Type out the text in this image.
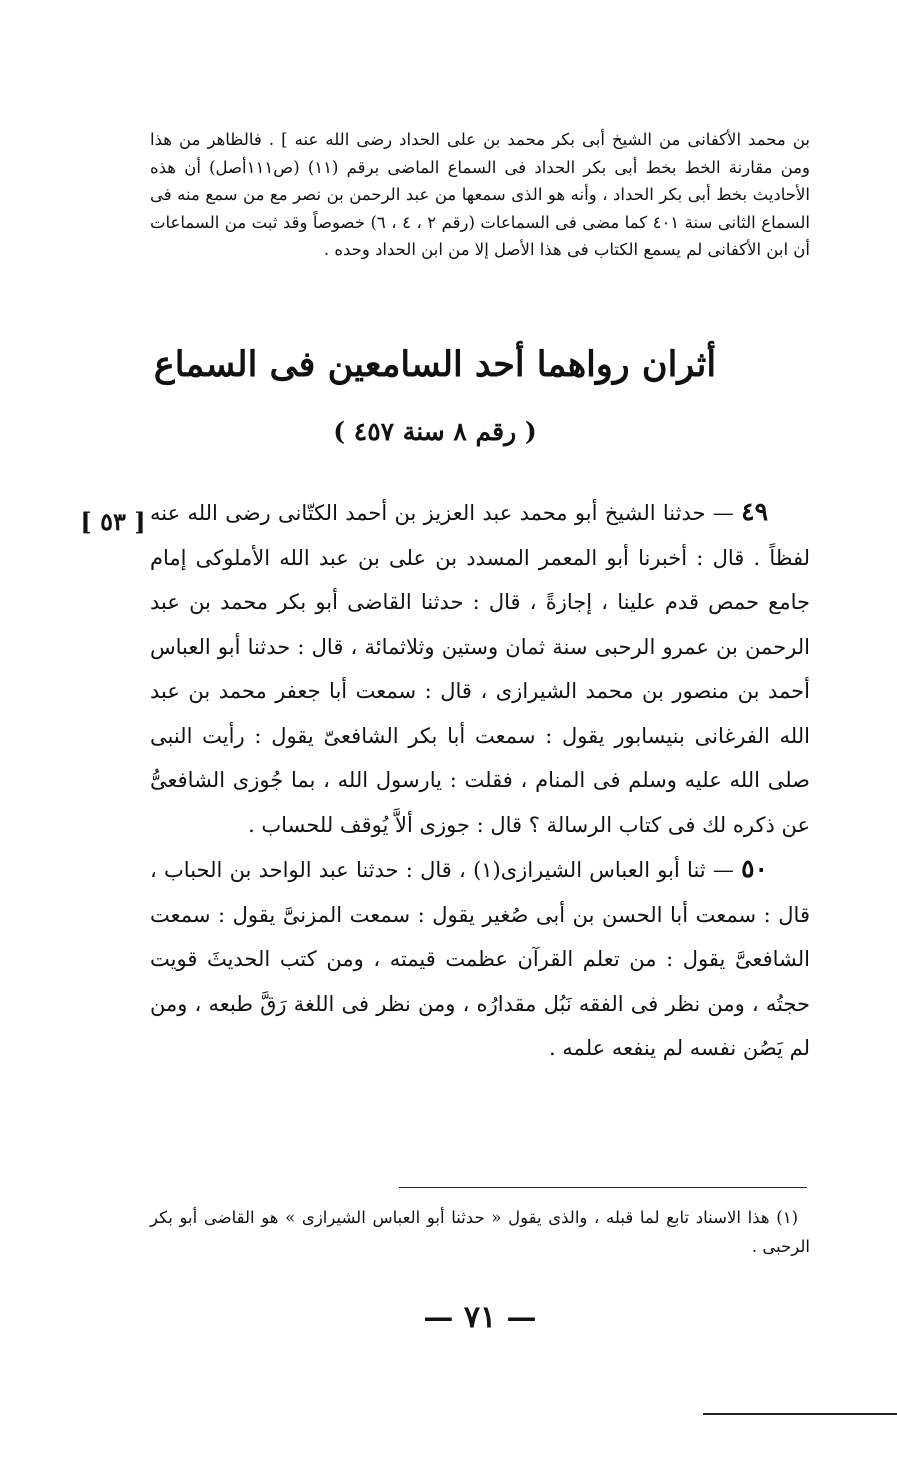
بن محمد الأكفانى من الشيخ أبى بكر محمد بن على الحداد رضى الله عنه ] . فالظاهر من هذا ومن مقارنة الخط بخط أبى بكر الحداد فى السماع الماضى برقم (١١) (ص١١١أصل) أن هذه الأحاديث بخط أبى بكر الحداد ، وأنه هو الذى سمعها من عبد الرحمن بن نصر مع من سمع منه فى السماع الثانى سنة ٤٠١ كما مضى فى السماعات (رقم ٢ ، ٤ ، ٦) خصوصاً وقد ثبت من السماعات أن ابن الأكفانى لم يسمع الكتاب فى هذا الأصل إلا من ابن الحداد وحده .

أثران رواهما أحد السامعين فى السماع
( رقم ٨ سنة ٤٥٧ )
[ ٥٣ ]	٤٩ — حدثنا الشيخ أبو محمد عبد العزيز بن أحمد الكتّانى رضى الله عنه لفظاً . قال : أخبرنا أبو المعمر المسدد بن على بن عبد الله الأملوكى إمام جامع حمص قدم علينا ، إجازةً ، قال : حدثنا القاضى أبو بكر محمد بن عبد الرحمن بن عمرو الرحبى سنة ثمان وستين وثلاثمائة ، قال : حدثنا أبو العباس أحمد بن منصور بن محمد الشيرازى ، قال : سمعت أبا جعفر محمد بن عبد الله الفرغانى بنيسابور يقول : سمعت أبا بكر الشافعىّ يقول : رأيت النبى صلى الله عليه وسلم فى المنام ، فقلت : يارسول الله ، بما جُوزى الشافعىُّ عن ذكره لك فى كتاب الرسالة ؟ قال : جوزى ألاَّ يُوقف للحساب .

٥٠ — ثنا أبو العباس الشيرازى(١) ، قال : حدثنا عبد الواحد بن الحباب ، قال : سمعت أبا الحسن بن أبى صُغير يقول : سمعت المزنىَّ يقول : سمعت الشافعىَّ يقول : من تعلم القرآن عظمت قيمته ، ومن كتب الحديثَ قويت حجتُه ، ومن نظر فى الفقه نَبُل مقدارُه ، ومن نظر فى اللغة رَقَّ طبعه ، ومن لم يَصُن نفسه لم ينفعه علمه .

(١) هذا الاسناد تابع لما قبله ، والذى يقول « حدثنا أبو العباس الشيرازى » هو القاضى أبو بكر الرحبى .

— ٧١ —
